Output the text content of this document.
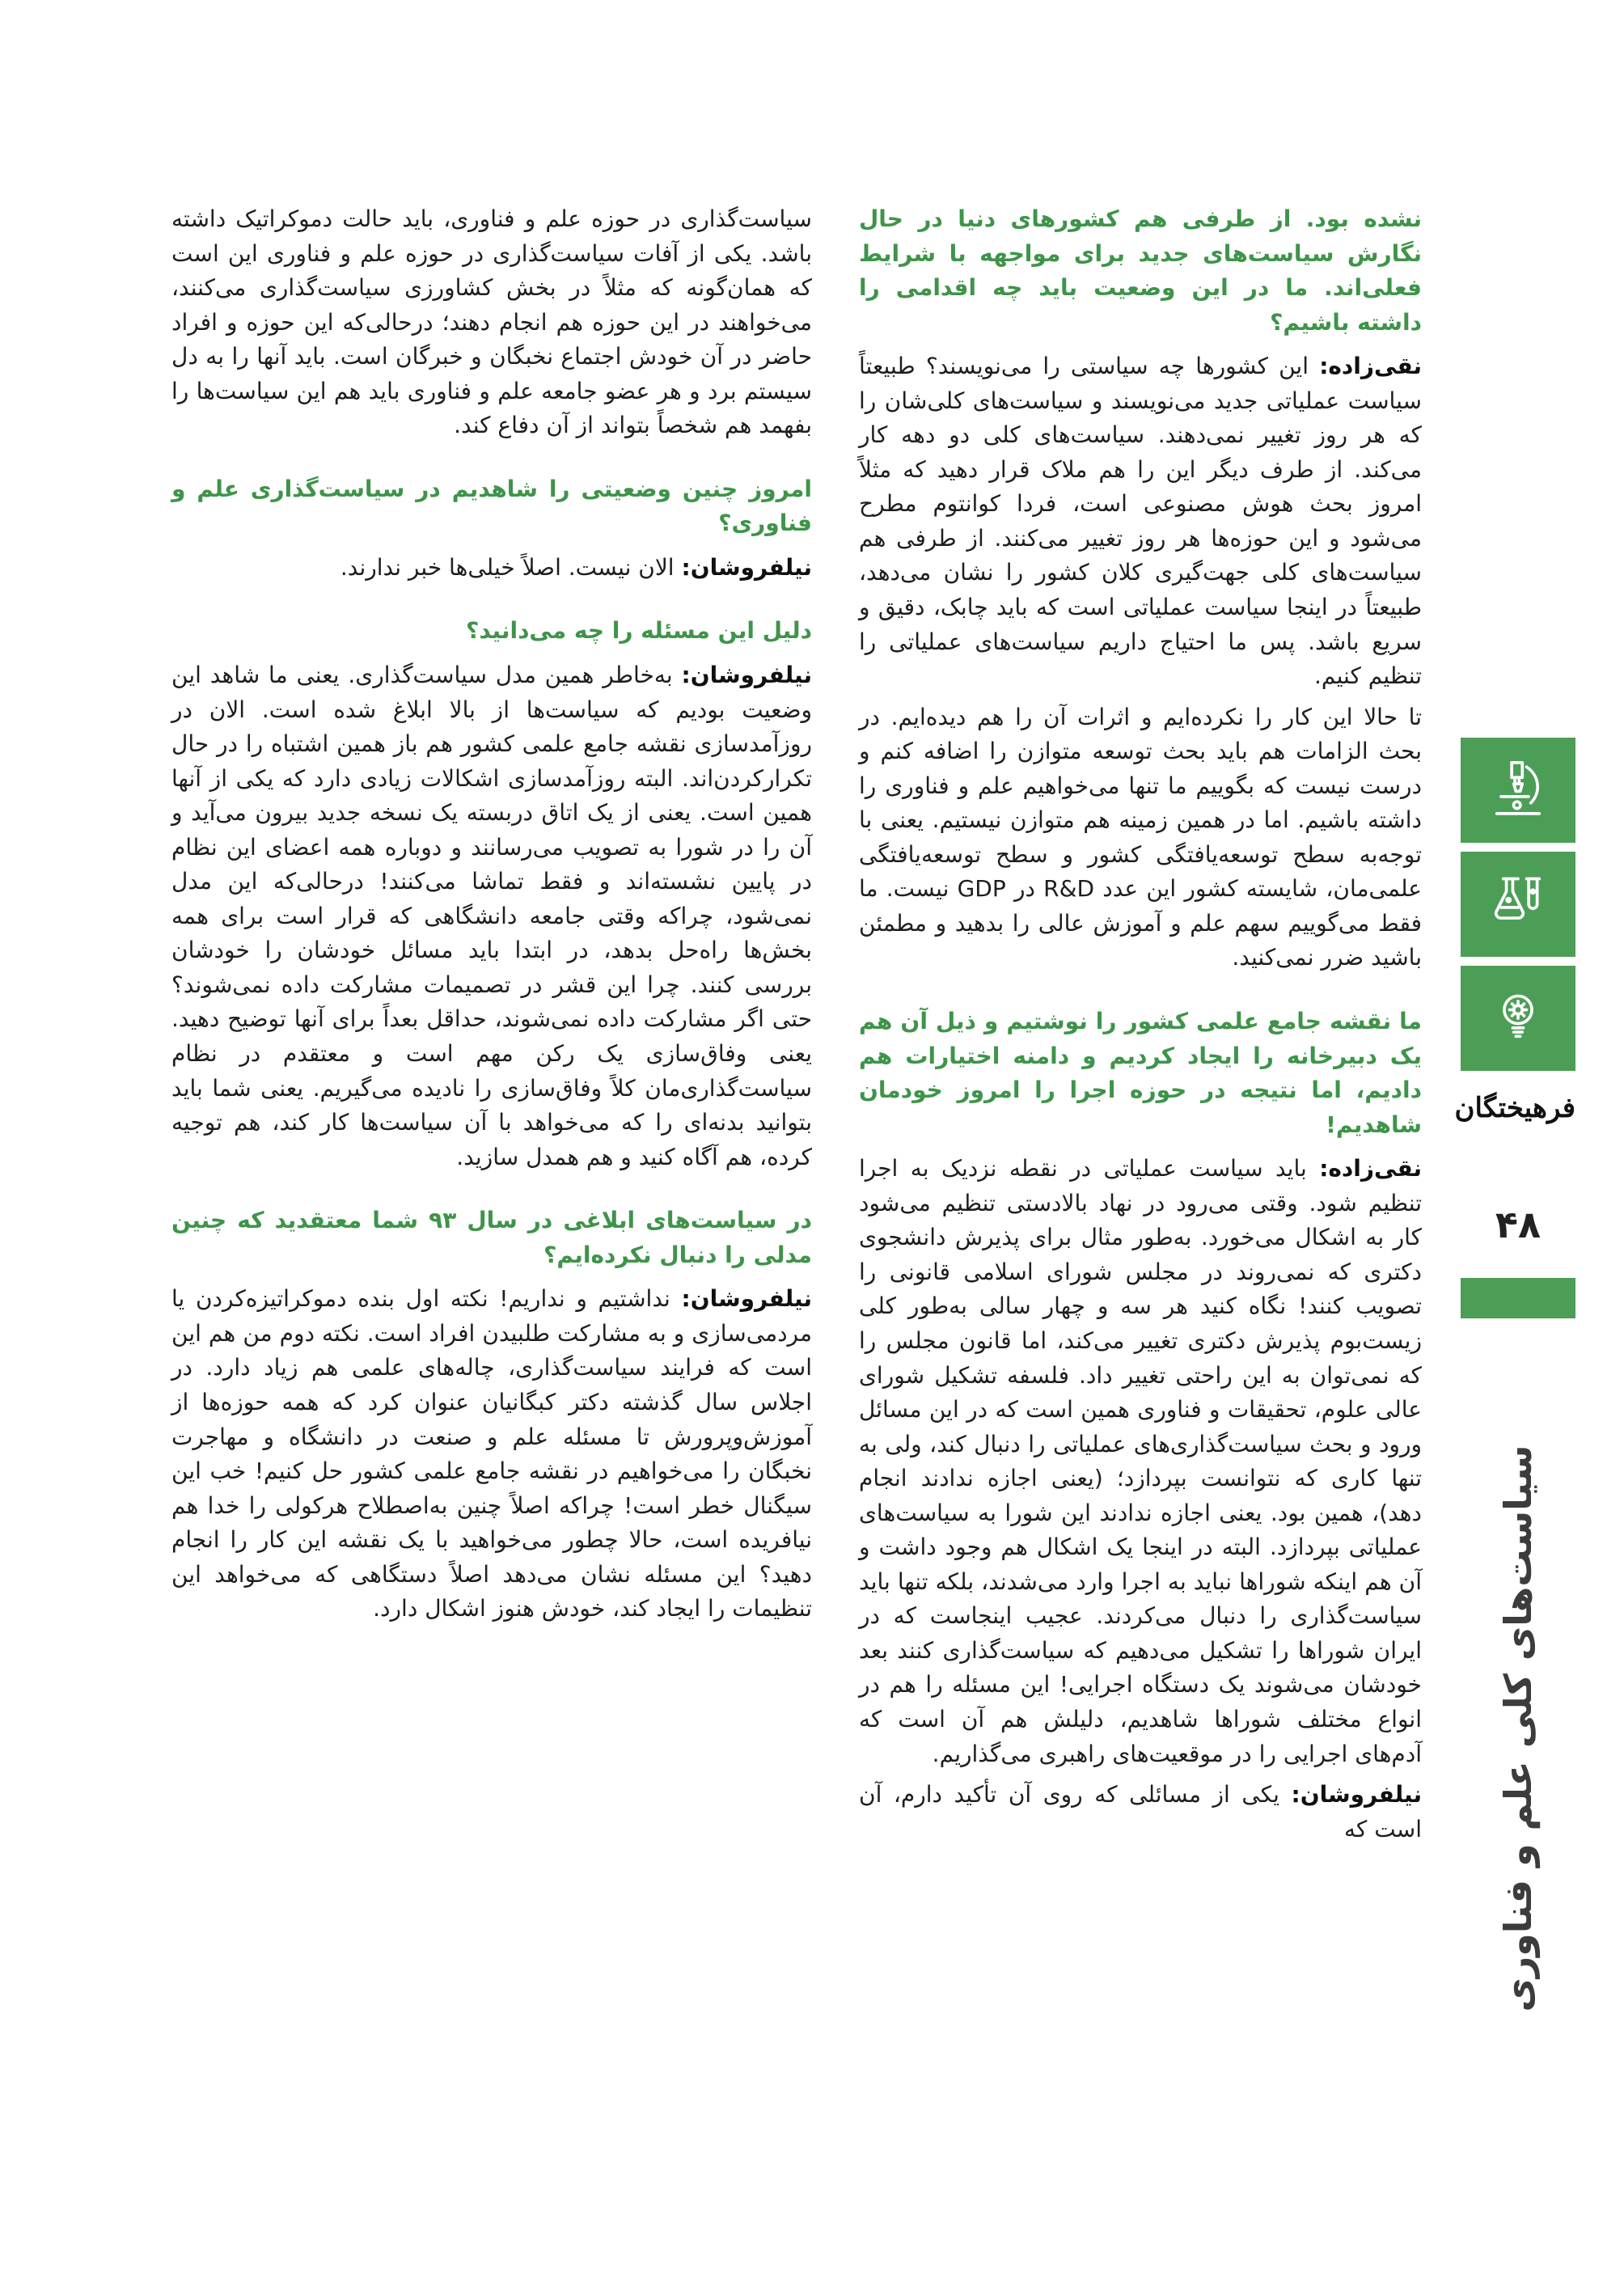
نشده بود. از طرفی هم کشورهای دنیا در حال نگارش سیاست‌های جدید برای مواجهه با شرایط فعلی‌اند. ما در این وضعیت باید چه اقدامی را داشته باشیم؟

نقی‌زاده: این کشورها چه سیاستی را می‌نویسند؟ طبیعتاً سیاست عملیاتی جدید می‌نویسند و سیاست‌های کلی‌شان را که هر روز تغییر نمی‌دهند. سیاست‌های کلی دو دهه کار می‌کند. از طرف دیگر این را هم ملاک قرار دهید که مثلاً امروز بحث هوش مصنوعی است، فردا کوانتوم مطرح می‌شود و این حوزه‌ها هر روز تغییر می‌کنند. از طرفی هم سیاست‌های کلی جهت‌گیری کلان کشور را نشان می‌دهد، طبیعتاً در اینجا سیاست عملیاتی است که باید چابک، دقیق و سریع باشد. پس ما احتیاج داریم سیاست‌های عملیاتی را تنظیم کنیم.

تا حالا این کار را نکرده‌ایم و اثرات آن را هم دیده‌ایم. در بحث الزامات هم باید بحث توسعه متوازن را اضافه کنم و درست نیست که بگوییم ما تنها می‌خواهیم علم و فناوری را داشته باشیم. اما در همین زمینه هم متوازن نیستیم. یعنی با توجه‌به سطح توسعه‌یافتگی کشور و سطح توسعه‌یافتگی علمی‌مان، شایسته کشور این عدد R&D در GDP نیست. ما فقط می‌گوییم سهم علم و آموزش عالی را بدهید و مطمئن باشید ضرر نمی‌کنید.

ما نقشه جامع علمی کشور را نوشتیم و ذیل آن هم یک دبیرخانه را ایجاد کردیم و دامنه اختیارات هم دادیم، اما نتیجه در حوزه اجرا را امروز خودمان شاهدیم!

نقی‌زاده: باید سیاست عملیاتی در نقطه نزدیک به اجرا تنظیم شود. وقتی می‌رود در نهاد بالادستی تنظیم می‌شود کار به اشکال می‌خورد. به‌طور مثال برای پذیرش دانشجوی دکتری که نمی‌روند در مجلس شورای اسلامی قانونی را تصویب کنند! نگاه کنید هر سه و چهار سالی به‌طور کلی زیست‌بوم پذیرش دکتری تغییر می‌کند، اما قانون مجلس را که نمی‌توان به این راحتی تغییر داد. فلسفه تشکیل شورای عالی علوم، تحقیقات و فناوری همین است که در این مسائل ورود و بحث سیاست‌گذاری‌های عملیاتی را دنبال کند، ولی به تنها کاری که نتوانست بپردازد؛ (یعنی اجازه ندادند انجام دهد)، همین بود. یعنی اجازه ندادند این شورا به سیاست‌های عملیاتی بپردازد. البته در اینجا یک اشکال هم وجود داشت و آن هم اینکه شوراها نباید به اجرا وارد می‌شدند، بلکه تنها باید سیاست‌گذاری را دنبال می‌کردند. عجیب اینجاست که در ایران شوراها را تشکیل می‌دهیم که سیاست‌گذاری کنند بعد خودشان می‌شوند یک دستگاه اجرایی! این مسئله را هم در انواع مختلف شوراها شاهدیم، دلیلش هم آن است که آدم‌های اجرایی را در موقعیت‌های راهبری می‌گذاریم.

نیلفروشان: یکی از مسائلی که روی آن تأکید دارم، آن است که

سیاست‌گذاری در حوزه علم و فناوری، باید حالت دموکراتیک داشته باشد. یکی از آفات سیاست‌گذاری در حوزه علم و فناوری این است که همان‌گونه که مثلاً در بخش کشاورزی سیاست‌گذاری می‌کنند، می‌خواهند در این حوزه هم انجام دهند؛ درحالی‌که این حوزه و افراد حاضر در آن خودش اجتماع نخبگان و خبرگان است. باید آنها را به دل سیستم برد و هر عضو جامعه علم و فناوری باید هم این سیاست‌ها را بفهمد هم شخصاً بتواند از آن دفاع کند.

امروز چنین وضعیتی را شاهدیم در سیاست‌گذاری علم و فناوری؟

نیلفروشان: الان نیست. اصلاً خیلی‌ها خبر ندارند.

دلیل این مسئله را چه می‌دانید؟

نیلفروشان: به‌خاطر همین مدل سیاست‌گذاری. یعنی ما شاهد این وضعیت بودیم که سیاست‌ها از بالا ابلاغ شده است. الان در روزآمدسازی نقشه جامع علمی کشور هم باز همین اشتباه را در حال تکرارکردن‌اند. البته روزآمدسازی اشکالات زیادی دارد که یکی از آنها همین است. یعنی از یک اتاق دربسته یک نسخه جدید بیرون می‌آید و آن را در شورا به تصویب می‌رسانند و دوباره همه اعضای این نظام در پایین نشسته‌اند و فقط تماشا می‌کنند! درحالی‌که این مدل نمی‌شود، چراکه وقتی جامعه دانشگاهی که قرار است برای همه بخش‌ها راه‌حل بدهد، در ابتدا باید مسائل خودشان را خودشان بررسی کنند. چرا این قشر در تصمیمات مشارکت داده نمی‌شوند؟ حتی اگر مشارکت داده نمی‌شوند، حداقل بعداً برای آنها توضیح دهید. یعنی وفاق‌سازی یک رکن مهم است و معتقدم در نظام سیاست‌گذاری‌مان کلاً وفاق‌سازی را نادیده می‌گیریم. یعنی شما باید بتوانید بدنه‌ای را که می‌خواهد با آن سیاست‌ها کار کند، هم توجیه کرده، هم آگاه کنید و هم همدل سازید.

در سیاست‌های ابلاغی در سال ۹۳ شما معتقدید که چنین مدلی را دنبال نکرده‌ایم؟

نیلفروشان: نداشتیم و نداریم! نکته اول بنده دموکراتیزه‌کردن یا مردمی‌سازی و به مشارکت طلبیدن افراد است. نکته دوم من هم این است که فرایند سیاست‌گذاری، چاله‌های علمی هم زیاد دارد. در اجلاس سال گذشته دکتر کبگانیان عنوان کرد که همه حوزه‌ها از آموزش‌وپرورش تا مسئله علم و صنعت در دانشگاه و مهاجرت نخبگان را می‌خواهیم در نقشه جامع علمی کشور حل کنیم! خب این سیگنال خطر است! چراکه اصلاً چنین به‌اصطلاح هرکولی را خدا هم نیافریده است، حالا چطور می‌خواهید با یک نقشه این کار را انجام دهید؟ این مسئله نشان می‌دهد اصلاً دستگاهی که می‌خواهد این تنظیمات را ایجاد کند، خودش هنوز اشکال دارد.

فرهیختگان
۴۸
سیاست‌های کلی علم و فناوری
